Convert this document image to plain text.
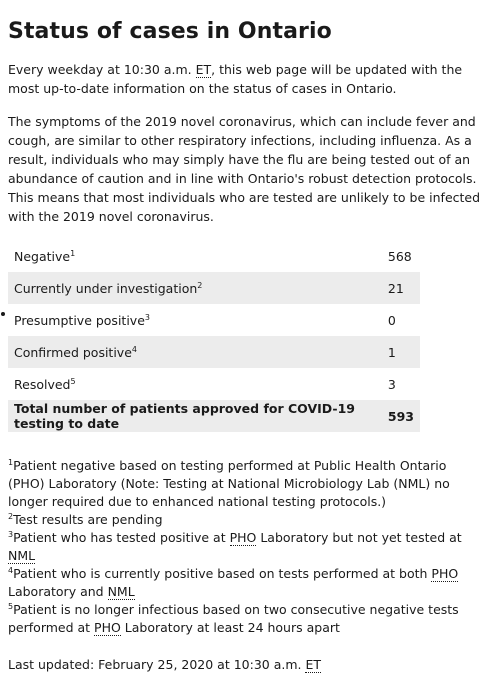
Status of cases in Ontario

Every weekday at 10:30 a.m. ET, this web page will be updated with the most up-to-date information on the status of cases in Ontario.

The symptoms of the 2019 novel coronavirus, which can include fever and cough, are similar to other respiratory infections, including influenza. As a result, individuals who may simply have the flu are being tested out of an abundance of caution and in line with Ontario's robust detection protocols. This means that most individuals who are tested are unlikely to be infected with the 2019 novel coronavirus.

Negative$^1$	568
Currently under investigation$^2$	21
Presumptive positive$^3$	0
Confirmed positive$^4$	1
Resolved$^5$	3
Total number of patients approved for COVID-19 testing to date	593

$^1$Patient negative based on testing performed at Public Health Ontario (PHO) Laboratory (Note: Testing at National Microbiology Lab (NML) no longer required due to enhanced national testing protocols.)

$^2$Test results are pending

$^3$Patient who has tested positive at PHO Laboratory but not yet tested at NML

$^4$Patient who is currently positive based on tests performed at both PHO Laboratory and NML

$^5$Patient is no longer infectious based on two consecutive negative tests performed at PHO Laboratory at least 24 hours apart

Last updated: February 25, 2020 at 10:30 a.m. ET
